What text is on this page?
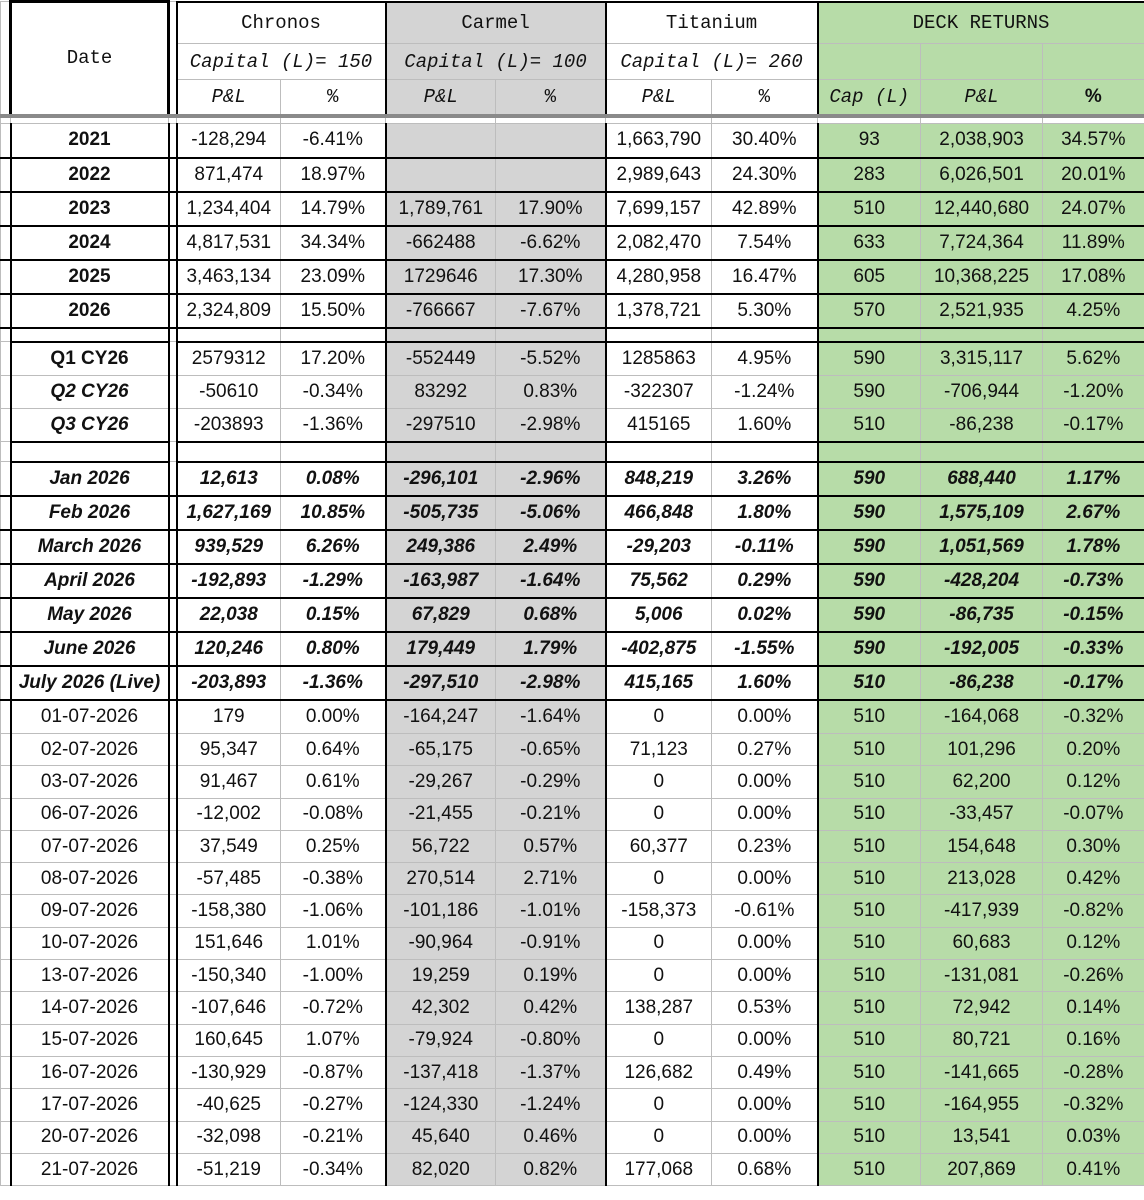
	Date		Chronos		Carmel		Titanium		DECK RETURNS		
			Capital (L)= 150		Capital (L)= 100		Capital (L)= 260				
			P&L	%	P&L	%	P&L	%	Cap (L)	P&L	%

	2021		-128,294	-6.41%			1,663,790	30.40%	93	2,038,903	34.57%
	2022		871,474	18.97%			2,989,643	24.30%	283	6,026,501	20.01%
	2023		1,234,404	14.79%	1,789,761	17.90%	7,699,157	42.89%	510	12,440,680	24.07%
	2024		4,817,531	34.34%	-662488	-6.62%	2,082,470	7.54%	633	7,724,364	11.89%
	2025		3,463,134	23.09%	1729646	17.30%	4,280,958	16.47%	605	10,368,225	17.08%
	2026		2,324,809	15.50%	-766667	-7.67%	1,378,721	5.30%	570	2,521,935	4.25%

	Q1 CY26		2579312	17.20%	-552449	-5.52%	1285863	4.95%	590	3,315,117	5.62%
	Q2 CY26		-50610	-0.34%	83292	0.83%	-322307	-1.24%	590	-706,944	-1.20%
	Q3 CY26		-203893	-1.36%	-297510	-2.98%	415165	1.60%	510	-86,238	-0.17%

	Jan 2026		12,613	0.08%	-296,101	-2.96%	848,219	3.26%	590	688,440	1.17%
	Feb 2026		1,627,169	10.85%	-505,735	-5.06%	466,848	1.80%	590	1,575,109	2.67%
	March 2026		939,529	6.26%	249,386	2.49%	-29,203	-0.11%	590	1,051,569	1.78%
	April 2026		-192,893	-1.29%	-163,987	-1.64%	75,562	0.29%	590	-428,204	-0.73%
	May 2026		22,038	0.15%	67,829	0.68%	5,006	0.02%	590	-86,735	-0.15%
	June 2026		120,246	0.80%	179,449	1.79%	-402,875	-1.55%	590	-192,005	-0.33%
	July 2026 (Live)		-203,893	-1.36%	-297,510	-2.98%	415,165	1.60%	510	-86,238	-0.17%
	01-07-2026		179	0.00%	-164,247	-1.64%	0	0.00%	510	-164,068	-0.32%
	02-07-2026		95,347	0.64%	-65,175	-0.65%	71,123	0.27%	510	101,296	0.20%
	03-07-2026		91,467	0.61%	-29,267	-0.29%	0	0.00%	510	62,200	0.12%
	06-07-2026		-12,002	-0.08%	-21,455	-0.21%	0	0.00%	510	-33,457	-0.07%
	07-07-2026		37,549	0.25%	56,722	0.57%	60,377	0.23%	510	154,648	0.30%
	08-07-2026		-57,485	-0.38%	270,514	2.71%	0	0.00%	510	213,028	0.42%
	09-07-2026		-158,380	-1.06%	-101,186	-1.01%	-158,373	-0.61%	510	-417,939	-0.82%
	10-07-2026		151,646	1.01%	-90,964	-0.91%	0	0.00%	510	60,683	0.12%
	13-07-2026		-150,340	-1.00%	19,259	0.19%	0	0.00%	510	-131,081	-0.26%
	14-07-2026		-107,646	-0.72%	42,302	0.42%	138,287	0.53%	510	72,942	0.14%
	15-07-2026		160,645	1.07%	-79,924	-0.80%	0	0.00%	510	80,721	0.16%
	16-07-2026		-130,929	-0.87%	-137,418	-1.37%	126,682	0.49%	510	-141,665	-0.28%
	17-07-2026		-40,625	-0.27%	-124,330	-1.24%	0	0.00%	510	-164,955	-0.32%
	20-07-2026		-32,098	-0.21%	45,640	0.46%	0	0.00%	510	13,541	0.03%
	21-07-2026		-51,219	-0.34%	82,020	0.82%	177,068	0.68%	510	207,869	0.41%
